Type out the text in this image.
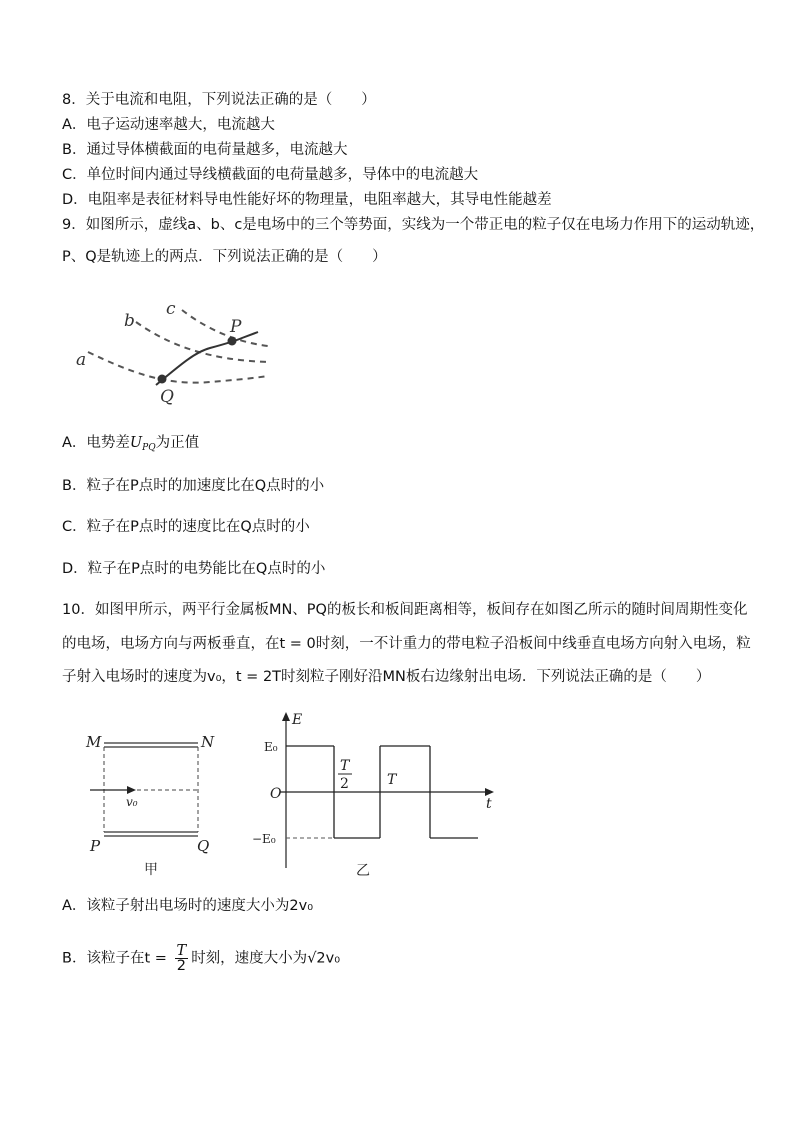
8．关于电流和电阻，下列说法正确的是（　　）
A．电子运动速率越大，电流越大
B．通过导体横截面的电荷量越多，电流越大
C．单位时间内通过导线横截面的电荷量越多，导体中的电流越大
D．电阻率是表征材料导电性能好坏的物理量，电阻率越大，其导电性能越差
9．如图所示，虚线a、b、c是电场中的三个等势面，实线为一个带正电的粒子仅在电场力作用下的运动轨迹，
P、Q是轨迹上的两点．下列说法正确的是（　　）
a
b
c
P
Q
A．电势差$U_{PQ}$为正值
B．粒子在P点时的加速度比在Q点时的小
C．粒子在P点时的速度比在Q点时的小
D．粒子在P点时的电势能比在Q点时的小
10．如图甲所示，两平行金属板MN、PQ的板长和板间距离相等，板间存在如图乙所示的随时间周期性变化
的电场，电场方向与两板垂直，在t = 0时刻，一不计重力的带电粒子沿板间中线垂直电场方向射入电场，粒
子射入电场时的速度为v₀，t = 2T时刻粒子刚好沿MN板右边缘射出电场．下列说法正确的是（　　）
M	N
P	Q
v₀
甲
E
t
O
E₀
−E₀
T
2	T
乙
A．该粒子射出电场时的速度大小为2v₀
B．该粒子在$t = \frac{T}{2}$ 时刻，速度大小为√2v₀
